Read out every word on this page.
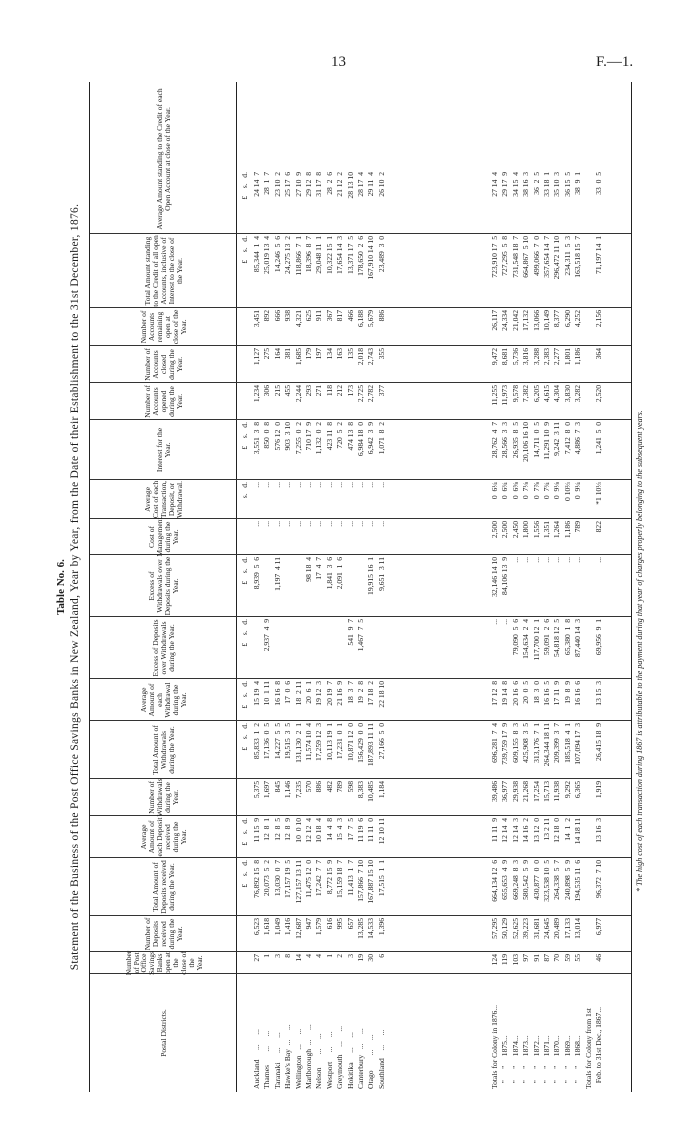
13	F.—1.
Table No. 6. Statement of the Business of the Post Office Savings Banks in New Zealand, Year by Year, from the Date of their Establishment to the 31st December, 1876.
Postal Districts.
Number of Post Office Savings Banks open at the close of the Year.
Number of Deposits received during the Year.
Total Amount of Deposits received during the Year.
Average Amount of each Deposit received during the Year.
Number of Withdrawals during the Year.
Total Amount of Withdrawals during the Year.
Average Amount of each Withdrawal during the Year.
Excess of Deposits over Withdrawals during the Year.
Excess of Withdrawals over Deposits during the Year.
Cost of Management during the Year.
Average Cost of each Transaction, Deposit, or Withdrawal.
Interest for the Year.
Number of Accounts opened during the Year.
Number of Accounts closed during the Year.
Number of Accounts remaining open at close of the Year.
Total Amount standing to the Credit of all open Accounts, inclusive of Interest to the close of the Year.
Average Amount standing to the Credit of each Open Account at close of the Year.
£    s.   d.
£    s.   d.
£    s.   d.
£    s.   d.
£    s.   d.
£    s.   d.
s.   d.
£    s.   d.
£    s.   d.
£    s.   d.
Auckland     ...     ...
Thames       ...     ...
Taranaki     ...     ...
Hawke's Bay  ...     ...
Wellington   ...     ...
Marlborough  ...     ...
Nelson       ...     ...
Westport     ...     ...
Greymouth    ...     ...
Hokitika     ...     ...
Canterbury   ...     ...
Otago        ...     ...
Southland    ...     ...
27
1
3
8
14
4
4
1
2
3
19
30
6
6,523
1,618
1,049
1,416
12,687
947
1,579
616
995
657
13,285
14,533
1,396
76,892 15  8
20,073  5  2
13,030  0  7
17,157 19  5
127,157 13 11
11,475 12  0
17,242  7  7
8,772 15  9
15,159 18  7
11,413  1  7
157,866  7 10
167,887 15 10
17,515  1  1
11 15  9
12  8  1
12  8  5
12  8  9
10  0 10
12 12  4
10 18  4
14  4  8
15  4  3
17  7  5
11 19  6
11 11  0
12 10 11
5,375
1,697
845
1,146
7,235
570
886
482
789
598
8,383
10,485
1,184
85,833  1  2
17,136  0  5
14,227  5  5
19,515  3  5
131,130  2  1
11,574 10  4
17,259 12  3
10,113 19  1
17,231  0  1
10,871 12  0
156,429  0  0
187,893 11 11
27,166  5  0
15 19  4
10  1 11
16 16  8
17  0  6
18  2 11
20  6  1
19 12  3
20 19  7
21 16  9
18  3  7
19  2  8
17 18  2
22 18 10

2,937  4  9

541  9  7
1,467  7  5

8,939  5  6

1,197  4 11

98 18  4
17  4  7
1,841  3  6
2,091  1  6

19,915 16  1
9,651  3 11
...
...
...
...
...
...
...
...
...
...
...
...
...
...
...
...
...
...
...
...
...
...
...
...
...
...
3,551  3  8
850  0  8
576 12  0
903  3 10
7,255  0  2
710 17  9
1,132  0  2
423 11  8
720  5  2
474 13  8
6,984 18  0
6,942  3  9
1,071  8  2
1,234
306
215
455
2,244
293
271
118
212
173
2,725
2,782
377
1,127
275
164
381
1,685
179
197
134
163
135
2,018
2,743
355
3,451
892
666
938
4,321
625
911
367
817
466
6,188
5,679
886
85,344  1  4
25,019 13  4
14,246  5  6
24,275 13  2
118,866  7  1
18,396  8  7
29,048 11  1
10,322 15  1
17,654 14  3
13,371 17  5
178,650  2  6
167,910 14 10
23,489  3  0
24 14  7
28  1  7
23 10  2
25 17  6
27 10  9
29 12  8
31 17  8
28  2  6
21 12  2
28 13 10
28 17  4
29 11  4
26 10  2
Totals for Colony in 1876...
"      "     1875...
"      "     1874...
"      "     1873...
"      "     1872...
"      "     1871...
"      "     1870...
"      "     1869...
"      "     1868...
Totals for Colony from 1st
Feb. to 31st Dec., 1867...
124
119
103
97
91
87
70
59
55

46
57,295
50,129
52,625
39,223
31,681
24,645
20,489
17,133
13,014

6,977
664,134 12  6
655,653  4  9
669,248  8  3
580,542  5  9
430,877  0  0
323,538 10  5
264,338  5  7
240,898  5  9
194,535 11  6

96,372  7 10
11 11  9
12 14  4
12 14  3
14 16  2
13 12  0
13 2 11
12 18  0
14  1  2
14 18 11

13 16  3
39,486
36,977
29,938
21,268
17,254
15,713
11,938
9,292
6,365

1,919
696,281  7  4
739,759 17  9
609,155  8  3
425,908  3  5
313,176  7  1
264,344 18 11
209,399  3  7
185,518  4  1
107,094 17  3

26,415 18  9
17 12  8
19 14  8
20 16  6
20  0  5
18  3  0
16 16  5
17 11  9
19  8  9
16 16  6

13 15  3
...
...
79,090  5  6
154,634  2  4
117,700 12  1
59,091  2  6
54,818 12  5
65,380  1  8
87,440 14  3

69,956  9  1
32,146 14 10
84,106 13  9
...
...
...
...
...
...
...

...
2,500
2,500
2,450
1,800
1,556
1,351
1,264
1,186
789

822
0  6¼
0  6¾
0  6⅝
0  7⅛
0  7⅞
0  7¾
0  9⅛
0 10⅔
0  9¼

*1 10⅓
28,762  4  7
28,566  3  3
26,935  8  5
20,106 16 10
14,711  0  5
11,291 10  9
9,242  3 11
7,412  8  0
4,886  7  3

1,241  5  0
11,255
11,973
9,578
7,382
6,205
4,615
4,304
3,830
3,282

2,520
9,472
8,681
5,736
3,816
3,288
2,383
2,277
1,801
1,186

364
26,117
24,334
21,042
17,132
13,066
10,149
8,377
6,290
4,252

2,156
723,910 17  5
727,295  5  8
731,548 18  7
664,867  5 10
499,066  7  0
357,654 14  7
296,472 11 10
234,311  5  3
163,518 15  7

71,197 14  1
27 14  4
29 17  9
34 15  4
38 16  3
36  2  5
33 18  1
35 10  3
36 15  5
38  9  1

33  0  5
* The high cost of each transaction during 1867 is attributable to the payment during that year of charges properly belonging to the subsequent years.
